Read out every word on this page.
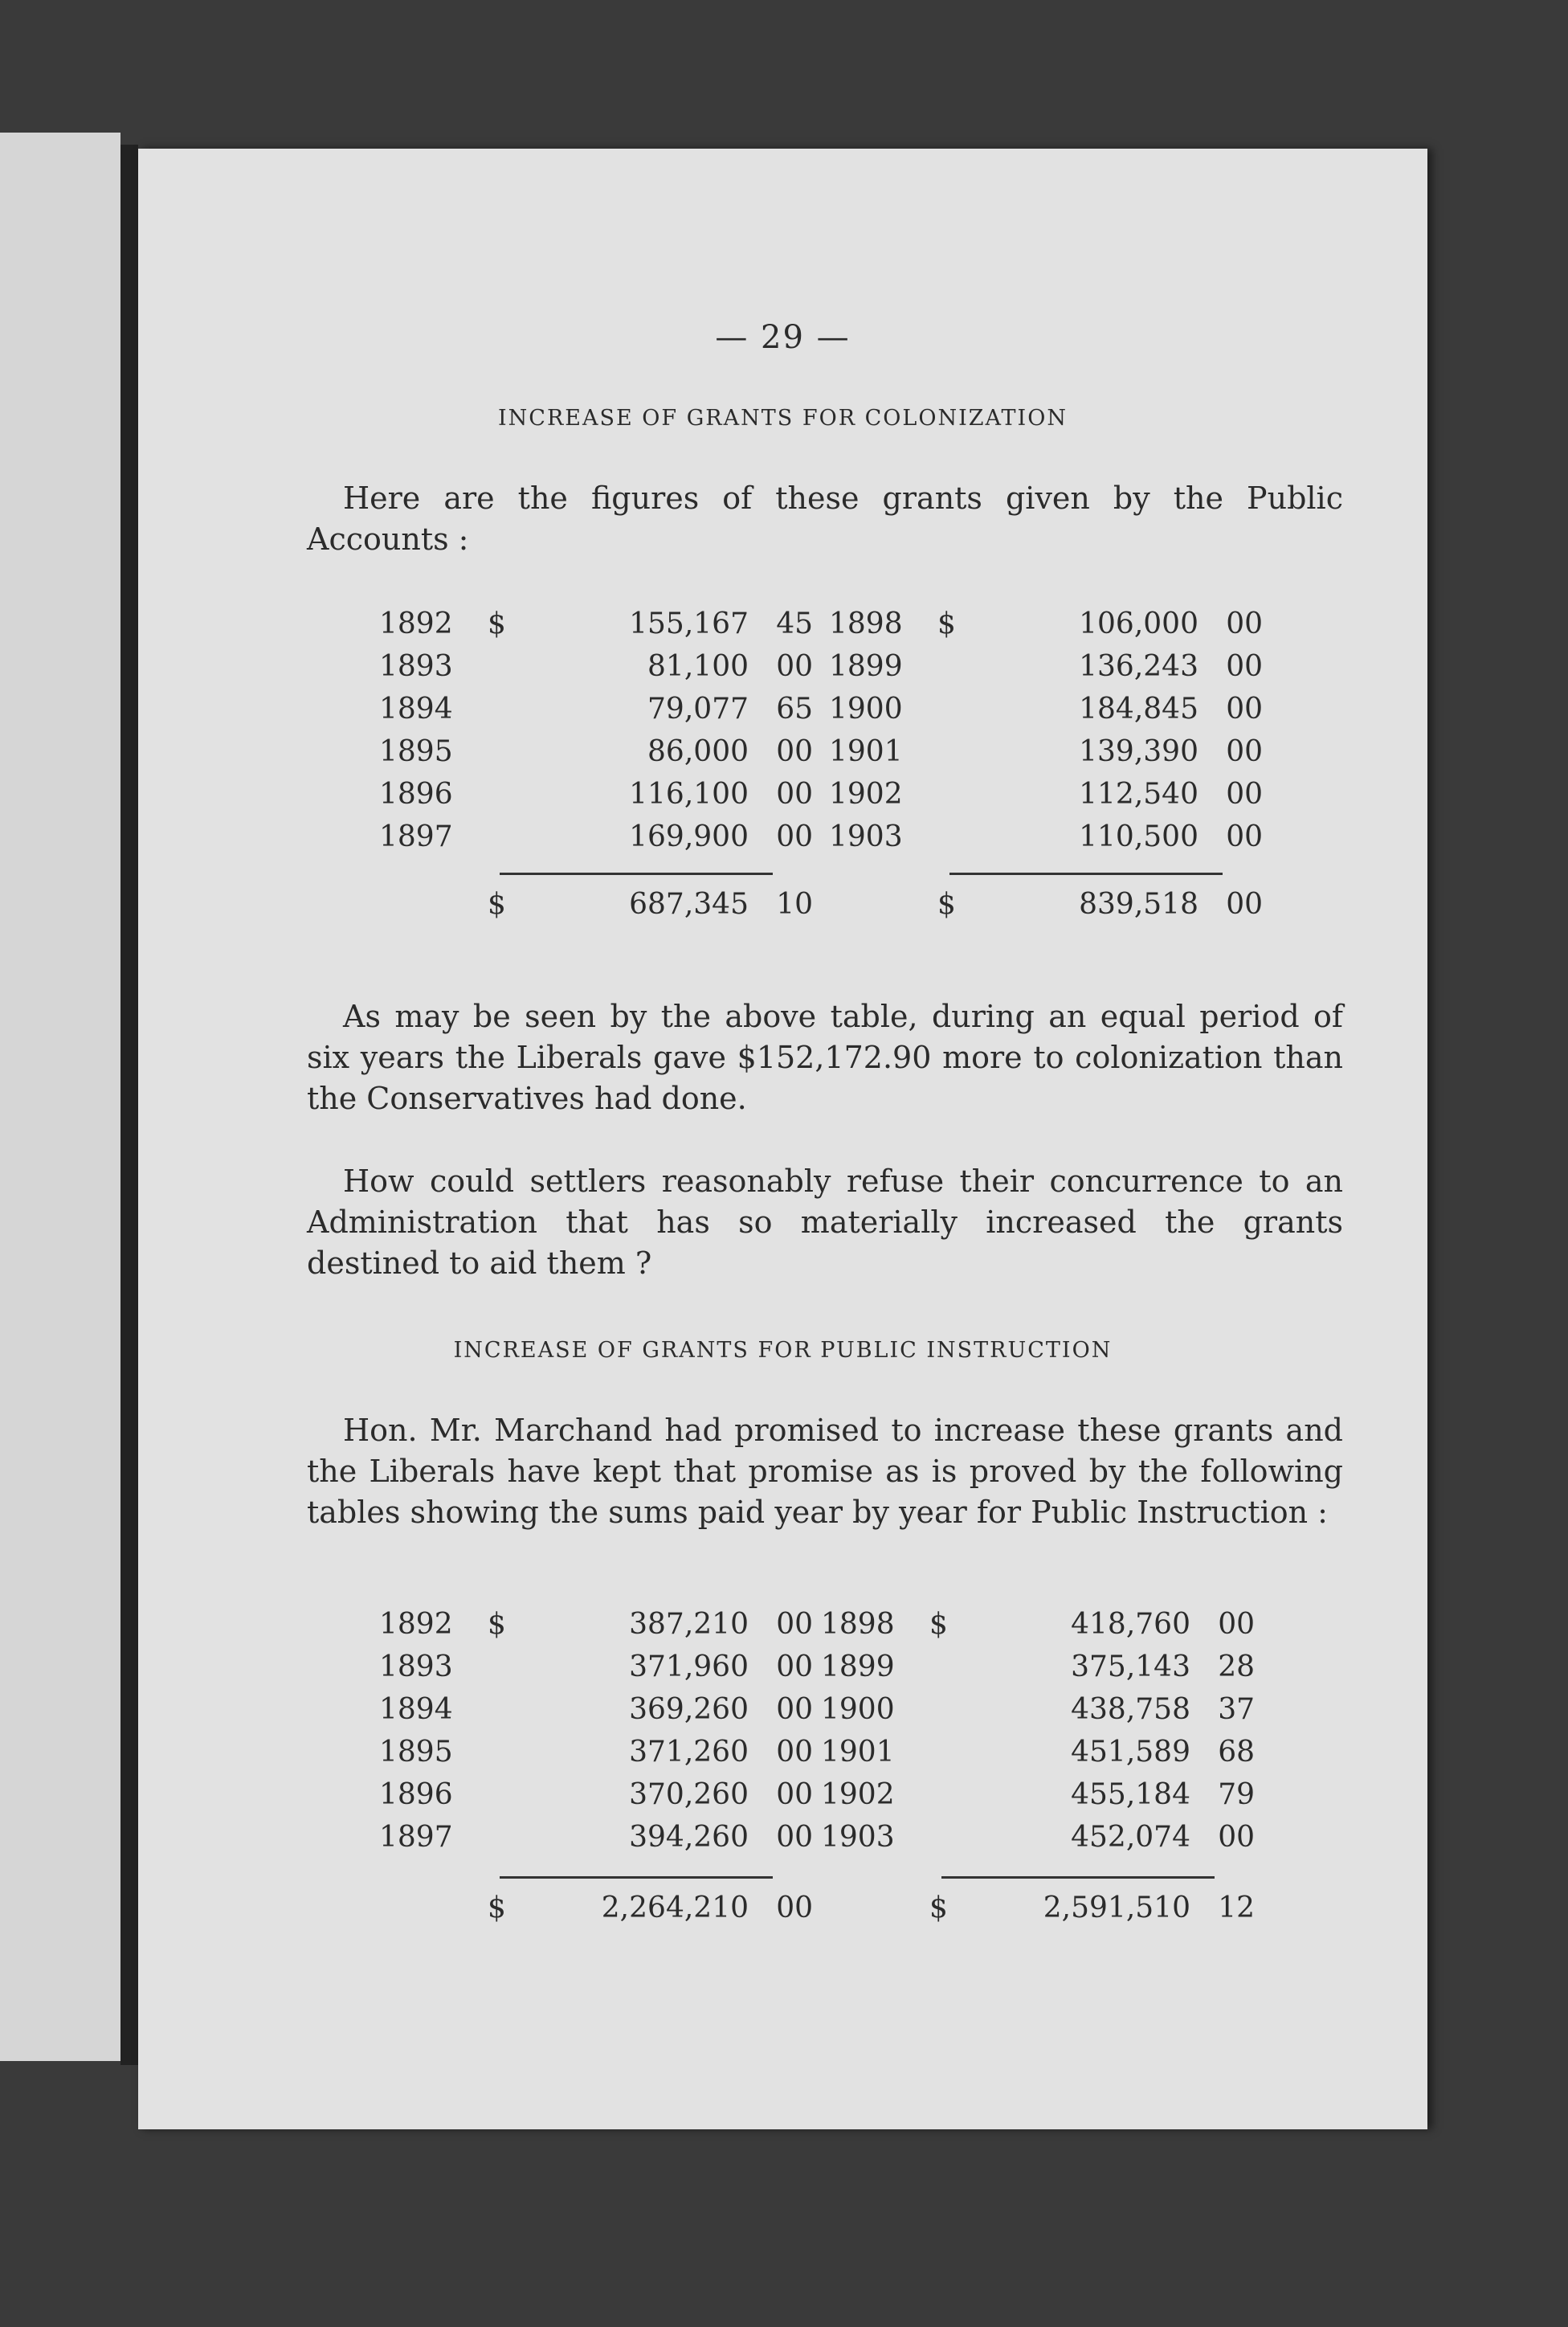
— 29 —
INCREASE OF GRANTS FOR COLONIZATION

Here are the figures of these grants given by the Public Accounts :

1892 $	155,167 45
1893	81,100 00
1894	79,077 65
1895	86,000 00
1896	116,100 00
1897	169,900 00
$	687,345 10
1898 $	106,000 00
1899	136,243 00
1900	184,845 00
1901	139,390 00
1902	112,540 00
1903	110,500 00
$	839,518 00

As may be seen by the above table, during an equal period of six years the Liberals gave $152,172.90 more to colonization than the Conservatives had done.

How could settlers reasonably refuse their concurrence to an Administration that has so materially increased the grants destined to aid them ?

INCREASE OF GRANTS FOR PUBLIC INSTRUCTION

Hon. Mr. Marchand had promised to increase these grants and the Liberals have kept that promise as is proved by the following tables showing the sums paid year by year for Public Instruction :

1892 $	387,210 00
1893	371,960 00
1894	369,260 00
1895	371,260 00
1896	370,260 00
1897	394,260 00
$	2,264,210 00
1898 $	418,760 00
1899	375,143 28
1900	438,758 37
1901	451,589 68
1902	455,184 79
1903	452,074 00
$	2,591,510 12
